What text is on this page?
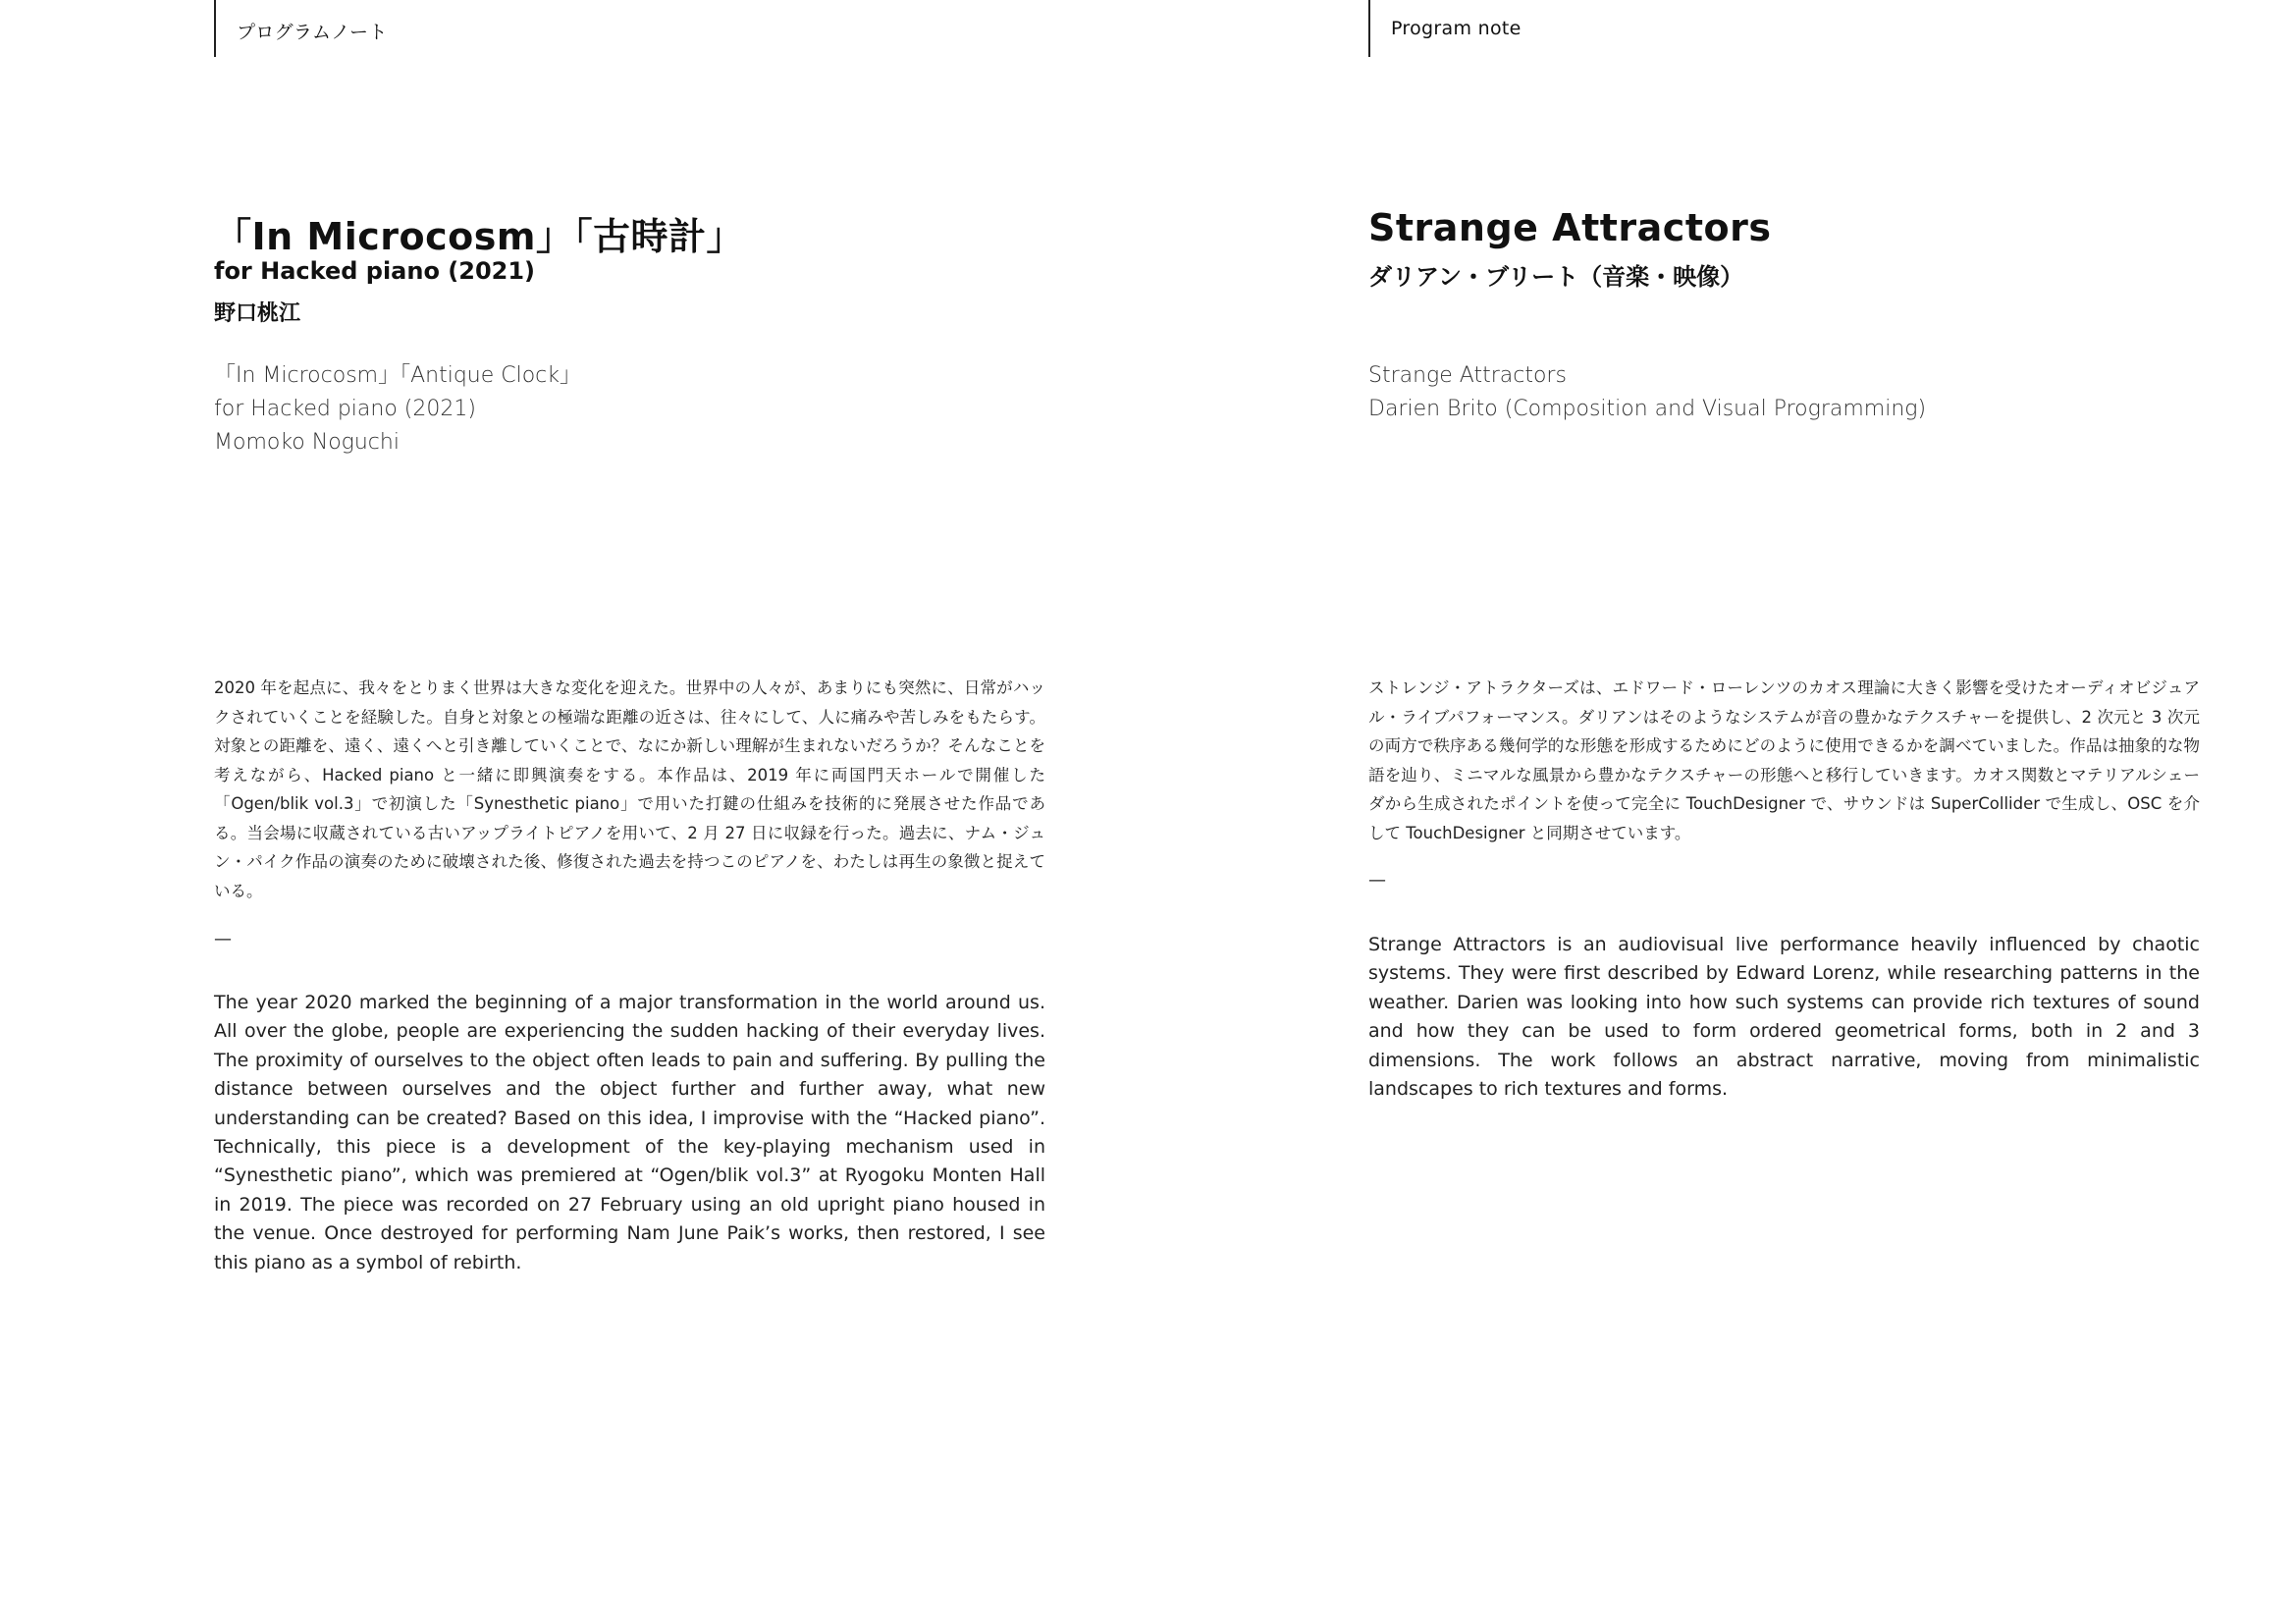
プログラムノート
「In Microcosm」「古時計」
for Hacked piano (2021)
野口桃江
「In Microcosm」「Antique Clock」
for Hacked piano (2021)
Momoko Noguchi

2020 年を起点に、我々をとりまく世界は大きな変化を迎えた。世界中の人々が、あまりにも突然に、日常がハックされていくことを経験した。自身と対象との極端な距離の近さは、往々にして、人に痛みや苦しみをもたらす。対象との距離を、遠く、遠くへと引き離していくことで、なにか新しい理解が生まれないだろうか？そんなことを考えながら、Hacked piano と一緒に即興演奏をする。本作品は、2019 年に両国門天ホールで開催した「Ogen/blik vol.3」で初演した「Synesthetic piano」で用いた打鍵の仕組みを技術的に発展させた作品である。当会場に収蔵されている古いアップライトピアノを用いて、2 月 27 日に収録を行った。過去に、ナム・ジュン・パイク作品の演奏のために破壊された後、修復された過去を持つこのピアノを、わたしは再生の象徴と捉えている。

—

The year 2020 marked the beginning of a major transformation in the world around us. All over the globe, people are experiencing the sudden hacking of their everyday lives. The proximity of ourselves to the object often leads to pain and suffering. By pulling the distance between ourselves and the object further and further away, what new understanding can be created? Based on this idea, I improvise with the “Hacked piano”. Technically, this piece is a development of the key-playing mechanism used in “Synesthetic piano”, which was premiered at “Ogen/blik vol.3” at Ryogoku Monten Hall in 2019. The piece was recorded on 27 February using an old upright piano housed in the venue. Once destroyed for performing Nam June Paik’s works, then restored, I see this piano as a symbol of rebirth.

Program note
Strange Attractors
ダリアン・ブリート（音楽・映像）
Strange Attractors
Darien Brito (Composition and Visual Programming)

ストレンジ・アトラクターズは、エドワード・ローレンツのカオス理論に大きく影響を受けたオーディオビジュアル・ライブパフォーマンス。ダリアンはそのようなシステムが音の豊かなテクスチャーを提供し、2 次元と 3 次元の両方で秩序ある幾何学的な形態を形成するためにどのように使用できるかを調べていました。作品は抽象的な物語を辿り、ミニマルな風景から豊かなテクスチャーの形態へと移行していきます。カオス関数とマテリアルシェーダから生成されたポイントを使って完全に TouchDesigner で、サウンドは SuperCollider で生成し、OSC を介して TouchDesigner と同期させています。

—

Strange Attractors is an audiovisual live performance heavily influenced by chaotic systems. They were first described by Edward Lorenz, while researching patterns in the weather. Darien was looking into how such systems can provide rich textures of sound and how they can be used to form ordered geometrical forms, both in 2 and 3 dimensions. The work follows an abstract narrative, moving from minimalistic landscapes to rich textures and forms.
